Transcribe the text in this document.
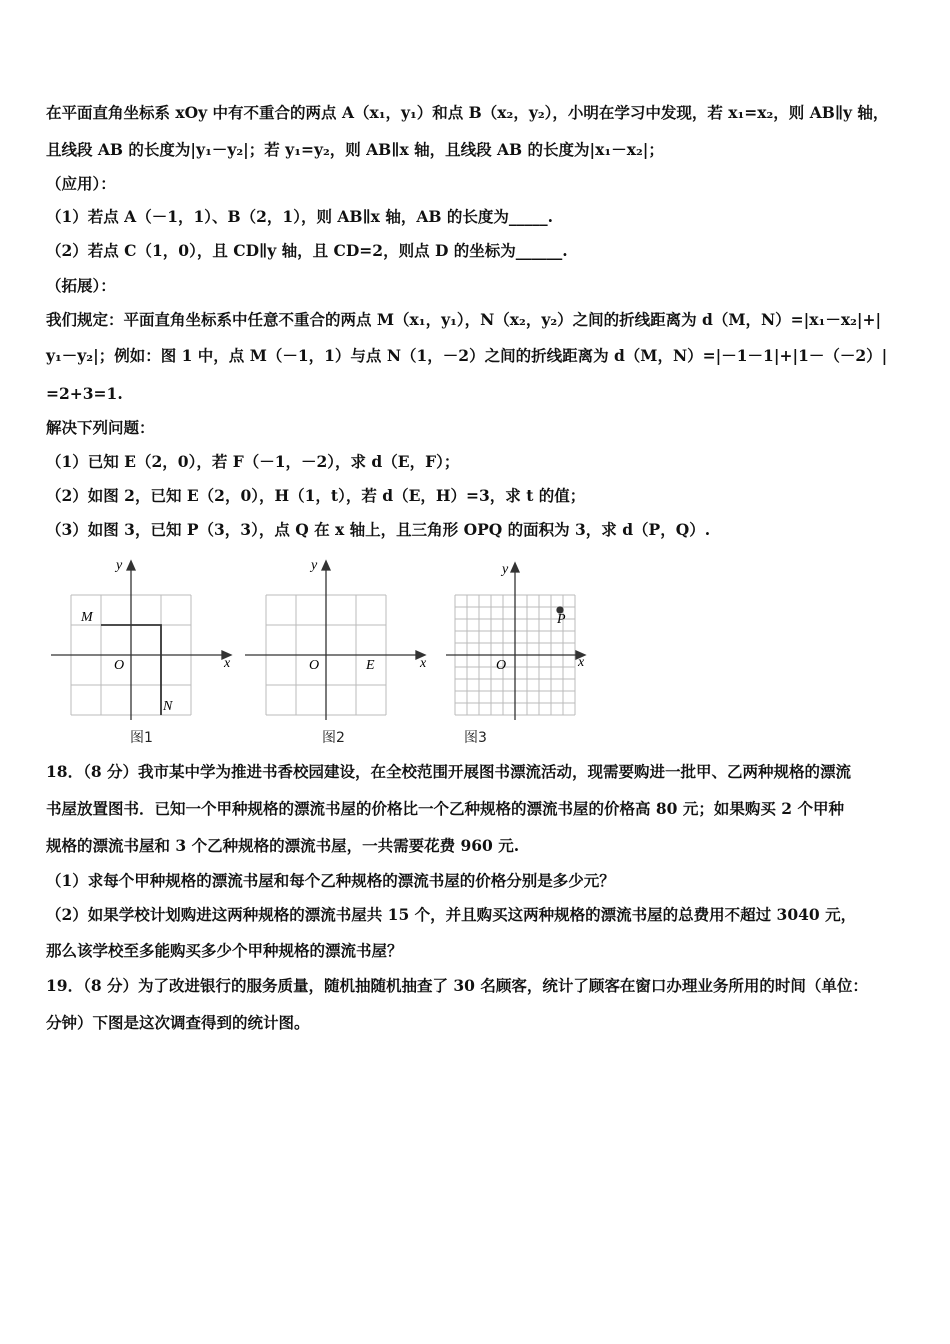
在平面直角坐标系 xOy 中有不重合的两点 A（x₁，y₁）和点 B（x₂，y₂），小明在学习中发现，若 x₁=x₂，则 AB∥y 轴，
且线段 AB 的长度为|y₁－y₂|；若 y₁=y₂，则 AB∥x 轴，且线段 AB 的长度为|x₁－x₂|；
（应用）：
（1）若点 A（－1，1）、B（2，1），则 AB∥x 轴，AB 的长度为_____.
（2）若点 C（1，0），且 CD∥y 轴，且 CD=2，则点 D 的坐标为______.
（拓展）：
我们规定：平面直角坐标系中任意不重合的两点 M（x₁，y₁），N（x₂，y₂）之间的折线距离为 d（M，N）=|x₁－x₂|+|
y₁－y₂|；例如：图 1 中，点 M（－1，1）与点 N（1，－2）之间的折线距离为 d（M，N）=|－1－1|+|1－（－2）|
=2+3=1.
解决下列问题：
（1）已知 E（2，0），若 F（－1，－2），求 d（E，F）；
（2）如图 2，已知 E（2，0），H（1，t），若 d（E，H）=3，求 t 的值；
（3）如图 3，已知 P（3，3），点 Q 在 x 轴上，且三角形 OPQ 的面积为 3，求 d（P，Q）.
x
y
O
M
N
图1
x
y
O	E
图2
x
y
O
P
图3
18．（8 分）我市某中学为推进书香校园建设，在全校范围开展图书漂流活动，现需要购进一批甲、乙两种规格的漂流
书屋放置图书．已知一个甲种规格的漂流书屋的价格比一个乙种规格的漂流书屋的价格高 80 元；如果购买 2 个甲种
规格的漂流书屋和 3 个乙种规格的漂流书屋，一共需要花费 960 元.
（1）求每个甲种规格的漂流书屋和每个乙种规格的漂流书屋的价格分别是多少元？
（2）如果学校计划购进这两种规格的漂流书屋共 15 个，并且购买这两种规格的漂流书屋的总费用不超过 3040 元，
那么该学校至多能购买多少个甲种规格的漂流书屋？
19．（8 分）为了改进银行的服务质量，随机抽随机抽查了 30 名顾客，统计了顾客在窗口办理业务所用的时间（单位：
分钟）下图是这次调查得到的统计图。
